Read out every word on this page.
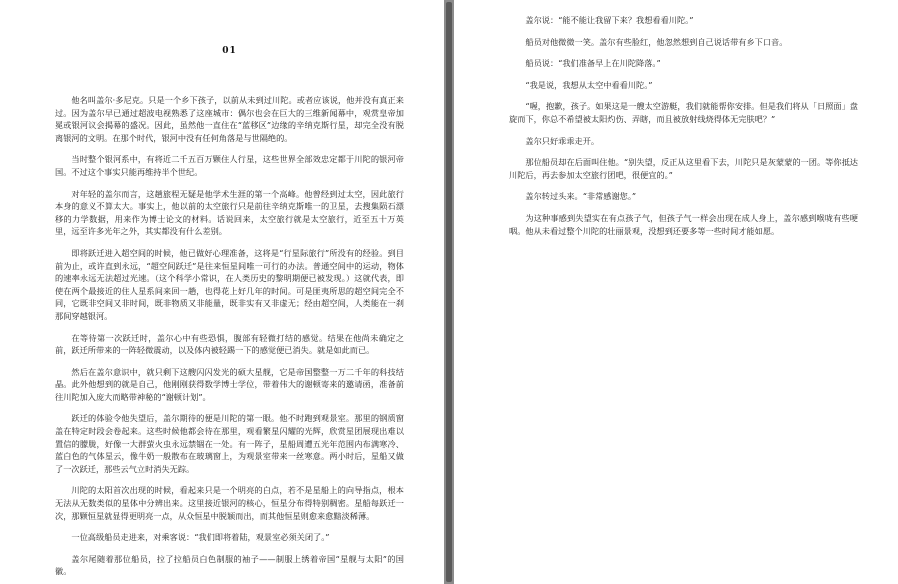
01

他名叫盖尔·多尼克。只是一个乡下孩子，以前从未到过川陀。或者应该说，他并没有真正来过。因为盖尔早已通过超波电视熟悉了这座城市：偶尔也会在巨大的三维新闻幕中，观赏皇帝加冕或银河议会揭幕的盛况。因此，虽然他一直住在“蓝移区”边缘的辛纳克斯行星，却完全没有脱离银河的文明。在那个时代，银河中没有任何角落是与世隔绝的。

当时整个银河系中，有将近二千五百万颗住人行星，这些世界全部效忠定都于川陀的银河帝国。不过这个事实只能再维持半个世纪。

对年轻的盖尔而言，这趟旅程无疑是他学术生涯的第一个高峰。他曾经到过太空，因此旅行本身的意义不算太大。事实上，他以前的太空旅行只是前往辛纳克斯唯一的卫星，去搜集陨石漂移的力学数据，用来作为博士论文的材料。话说回来，太空旅行就是太空旅行，近至五十万英里，远至许多光年之外，其实都没有什么差别。

即将跃迁进入超空间的时候，他已做好心理准备，这将是“行星际旅行”所没有的经验。到目前为止，或许直到永远，“超空间跃迁”是往来恒星间唯一可行的办法。普通空间中的运动，物体的速率永远无法超过光速。（这个科学小常识，在人类历史的黎明期便已被发现。）这就代表，即使在两个最接近的住人星系间来回一趟，也得花上好几年的时间。可是匪夷所思的超空间完全不同，它既非空间又非时间，既非物质又非能量，既非实有又非虚无；经由超空间，人类能在一刹那间穿越银河。

在等待第一次跃迁时，盖尔心中有些恐惧，腹部有轻微打结的感觉。结果在他尚未确定之前，跃迁所带来的一阵轻微震动，以及体内被轻踢一下的感觉便已消失。就是如此而已。

然后在盖尔意识中，就只剩下这艘闪闪发光的硕大星舰，它是帝国整整一万二千年的科技结晶。此外他想到的就是自己，他刚刚获得数学博士学位，带着伟大的谢顿寄来的邀请函，准备前往川陀加入庞大而略带神秘的“谢顿计划”。

跃迁的体验令他失望后，盖尔期待的便是川陀的第一眼。他不时跑到观景室。那里的钢质窗盖在特定时段会卷起来。这些时候他都会待在那里，观看繁星闪耀的光辉，欣赏星团展现出难以置信的朦胧，好像一大群萤火虫永远禁锢在一处。有一阵子，星船周遭五光年范围内布满寒冷、蓝白色的气体星云，像牛奶一般散布在玻璃窗上，为观景室带来一丝寒意。两小时后，星船又做了一次跃迁，那些云气立时消失无踪。

川陀的太阳首次出现的时候，看起来只是一个明亮的白点，若不是星船上的向导指点，根本无法从无数类似的星体中分辨出来。这里接近银河的核心，恒星分布得特别稠密。星船每跃迁一次，那颗恒星就显得更明亮一点，从众恒星中脱颖而出，而其他恒星则愈来愈黯淡稀薄。

一位高级船员走进来，对乘客说：“我们即将着陆，观景室必须关闭了。”

盖尔尾随着那位船员，拉了拉船员白色制服的袖子——制服上绣着帝国“星舰与太阳”的国徽。

盖尔说：“能不能让我留下来？我想看看川陀。”

船员对他微微一笑。盖尔有些脸红，他忽然想到自己说话带有乡下口音。

船员说：“我们准备早上在川陀降落。”

“我是说，我想从太空中看看川陀。”

“喔，抱歉，孩子。如果这是一艘太空游艇，我们就能帮你安排。但是我们将从「日照面」盘旋而下，你总不希望被太阳灼伤、弄瞎，而且被放射线烧得体无完肤吧？”

盖尔只好乖乖走开。

那位船员却在后面叫住他。“别失望，反正从这里看下去，川陀只是灰蒙蒙的一团。等你抵达川陀后，再去参加太空旅行团吧，很便宜的。”

盖尔转过头来。“非常感谢您。”

为这种事感到失望实在有点孩子气，但孩子气一样会出现在成人身上，盖尔感到喉咙有些哽咽。他从未看过整个川陀的壮丽景观，没想到还要多等一些时间才能如愿。
